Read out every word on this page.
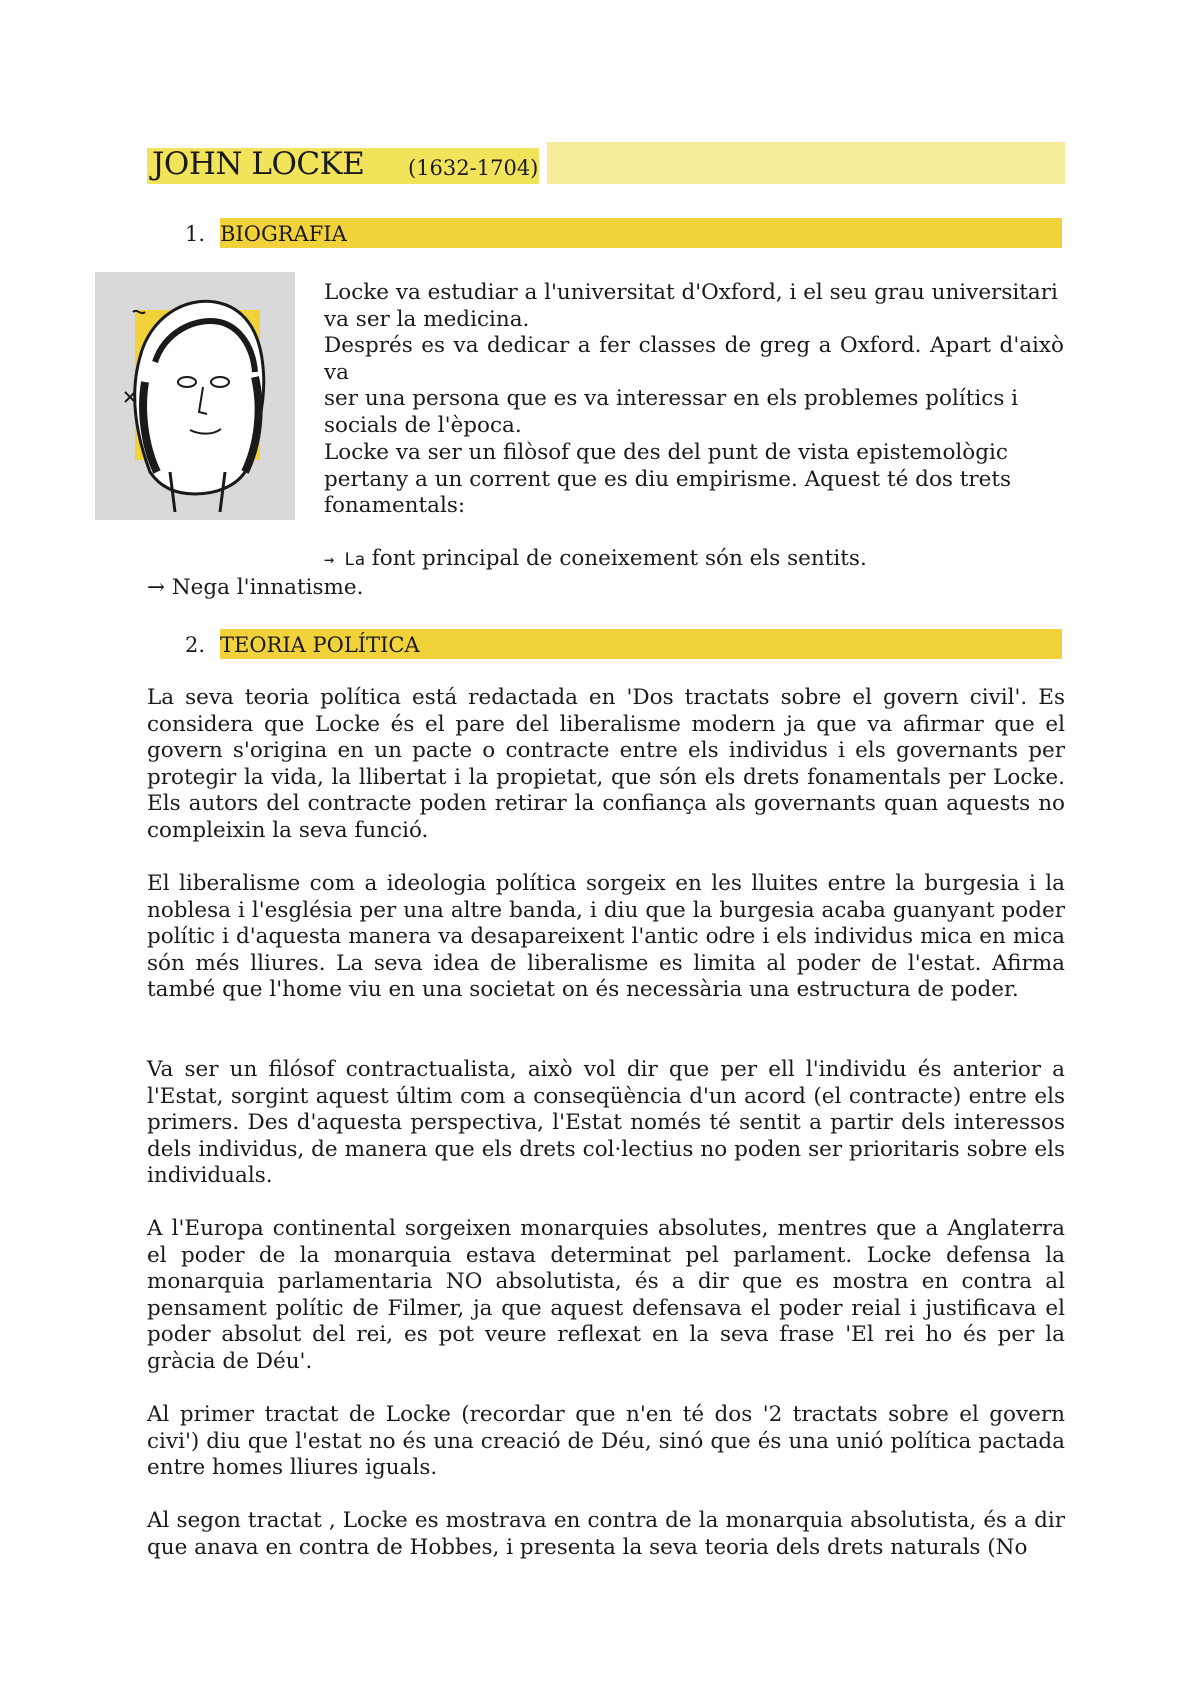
JOHN LOCKE (1632-1704)
1. BIOGRAFIA

Locke va estudiar a l'universitat d'Oxford, i el seu grau universitari

va ser la medicina.

Després es va dedicar a fer classes de greg a Oxford. Apart d'això va

ser una persona que es va interessar en els problemes polítics i

socials de l'època.

Locke va ser un filòsof que des del punt de vista epistemològic

pertany a un corrent que es diu empirisme. Aquest té dos trets

fonamentals:

→ La font principal de coneixement són els sentits.
→ Nega l'innatisme.
2. TEORIA POLÍTICA
La seva teoria política está redactada en 'Dos tractats sobre el govern civil'. Es considera que Locke és el pare del liberalisme modern ja que va afirmar que el govern s'origina en un pacte o contracte entre els individus i els governants per protegir la vida, la llibertat i la propietat, que són els drets fonamentals per Locke. Els autors del contracte poden retirar la confiança als governants quan aquests no compleixin la seva funció.
El liberalisme com a ideologia política sorgeix en les lluites entre la burgesia i la noblesa i l'església per una altre banda, i diu que la burgesia acaba guanyant poder polític i d'aquesta manera va desapareixent l'antic odre i els individus mica en mica són més lliures. La seva idea de liberalisme es limita al poder de l'estat. Afirma també que l'home viu en una societat on és necessària una estructura de poder.
Va ser un filósof contractualista, això vol dir que per ell l'individu és anterior a l'Estat, sorgint aquest últim com a conseqüència d'un acord (el contracte) entre els primers. Des d'aquesta perspectiva, l'Estat només té sentit a partir dels interessos dels individus, de manera que els drets col·lectius no poden ser prioritaris sobre els individuals.
A l'Europa continental sorgeixen monarquies absolutes, mentres que a Anglaterra el poder de la monarquia estava determinat pel parlament. Locke defensa la monarquia parlamentaria NO absolutista, és a dir que es mostra en contra al pensament polític de Filmer, ja que aquest defensava el poder reial i justificava el poder absolut del rei, es pot veure reflexat en la seva frase 'El rei ho és per la gràcia de Déu'.
Al primer tractat de Locke (recordar que n'en té dos '2 tractats sobre el govern civi') diu que l'estat no és una creació de Déu, sinó que és una unió política pactada entre homes lliures iguals.
Al segon tractat , Locke es mostrava en contra de la monarquia absolutista, és a dir que anava en contra de Hobbes, i presenta la seva teoria dels drets naturals (No
